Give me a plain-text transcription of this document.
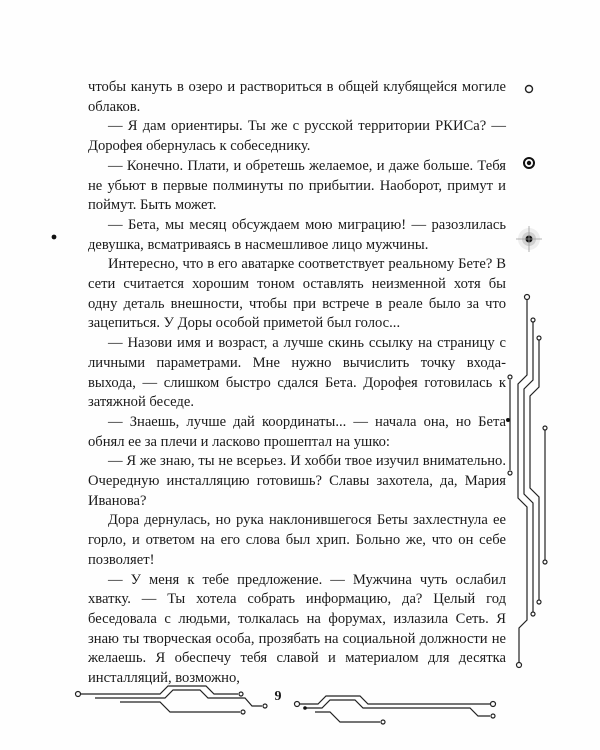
чтобы кануть в озеро и раствориться в общей клубящейся могиле облаков.

— Я дам ориентиры. Ты же с русской территории РКИСа? — Дорофея обернулась к собеседнику.

— Конечно. Плати, и обретешь желаемое, и даже больше. Тебя не убьют в первые полминуты по прибытии. Наоборот, примут и поймут. Быть может.

— Бета, мы месяц обсуждаем мою миграцию! — разозлилась девушка, всматриваясь в насмешливое лицо мужчины.

Интересно, что в его аватарке соответствует реальному Бете? В сети считается хорошим тоном оставлять неизменной хотя бы одну деталь внешности, чтобы при встрече в реале было за что зацепиться. У Доры особой приметой был голос...

— Назови имя и возраст, а лучше скинь ссылку на страницу с личными параметрами. Мне нужно вычислить точку входа-выхода, — слишком быстро сдался Бета. Дорофея готовилась к затяжной беседе.

— Знаешь, лучше дай координаты... — начала она, но Бета обнял ее за плечи и ласково прошептал на ушко:

— Я же знаю, ты не всерьез. И хобби твое изучил внимательно. Очередную инсталляцию готовишь? Славы захотела, да, Мария Иванова?

Дора дернулась, но рука наклонившегося Беты захлестнула ее горло, и ответом на его слова был хрип. Больно же, что он себе позволяет!

— У меня к тебе предложение. — Мужчина чуть ослабил хватку. — Ты хотела собрать информацию, да? Целый год беседовала с людьми, толкалась на форумах, излазила Сеть. Я знаю ты творческая особа, прозябать на социальной должности не желаешь. Я обеспечу тебя славой и материалом для десятка инсталляций, возможно,

9
